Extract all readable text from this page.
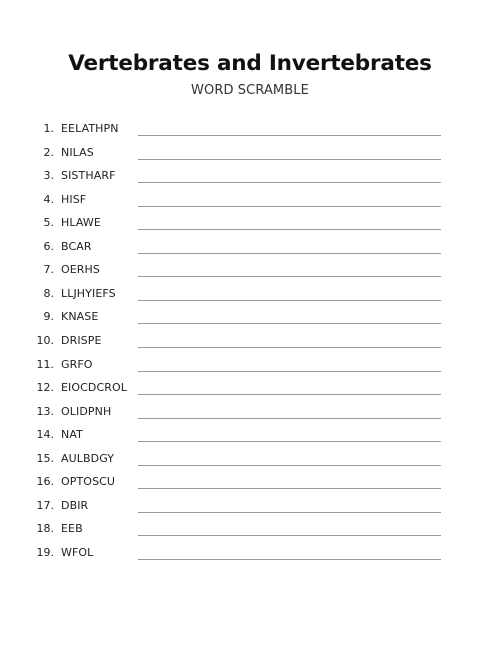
Vertebrates and Invertebrates
WORD SCRAMBLE
1. EELATHPN
2. NILAS
3. SISTHARF
4. HISF
5. HLAWE
6. BCAR
7. OERHS
8. LLJHYIEFS
9. KNASE
10. DRISPE
11. GRFO
12. EIOCDCROL
13. OLIDPNH
14. NAT
15. AULBDGY
16. OPTOSCU
17. DBIR
18. EEB
19. WFOL
